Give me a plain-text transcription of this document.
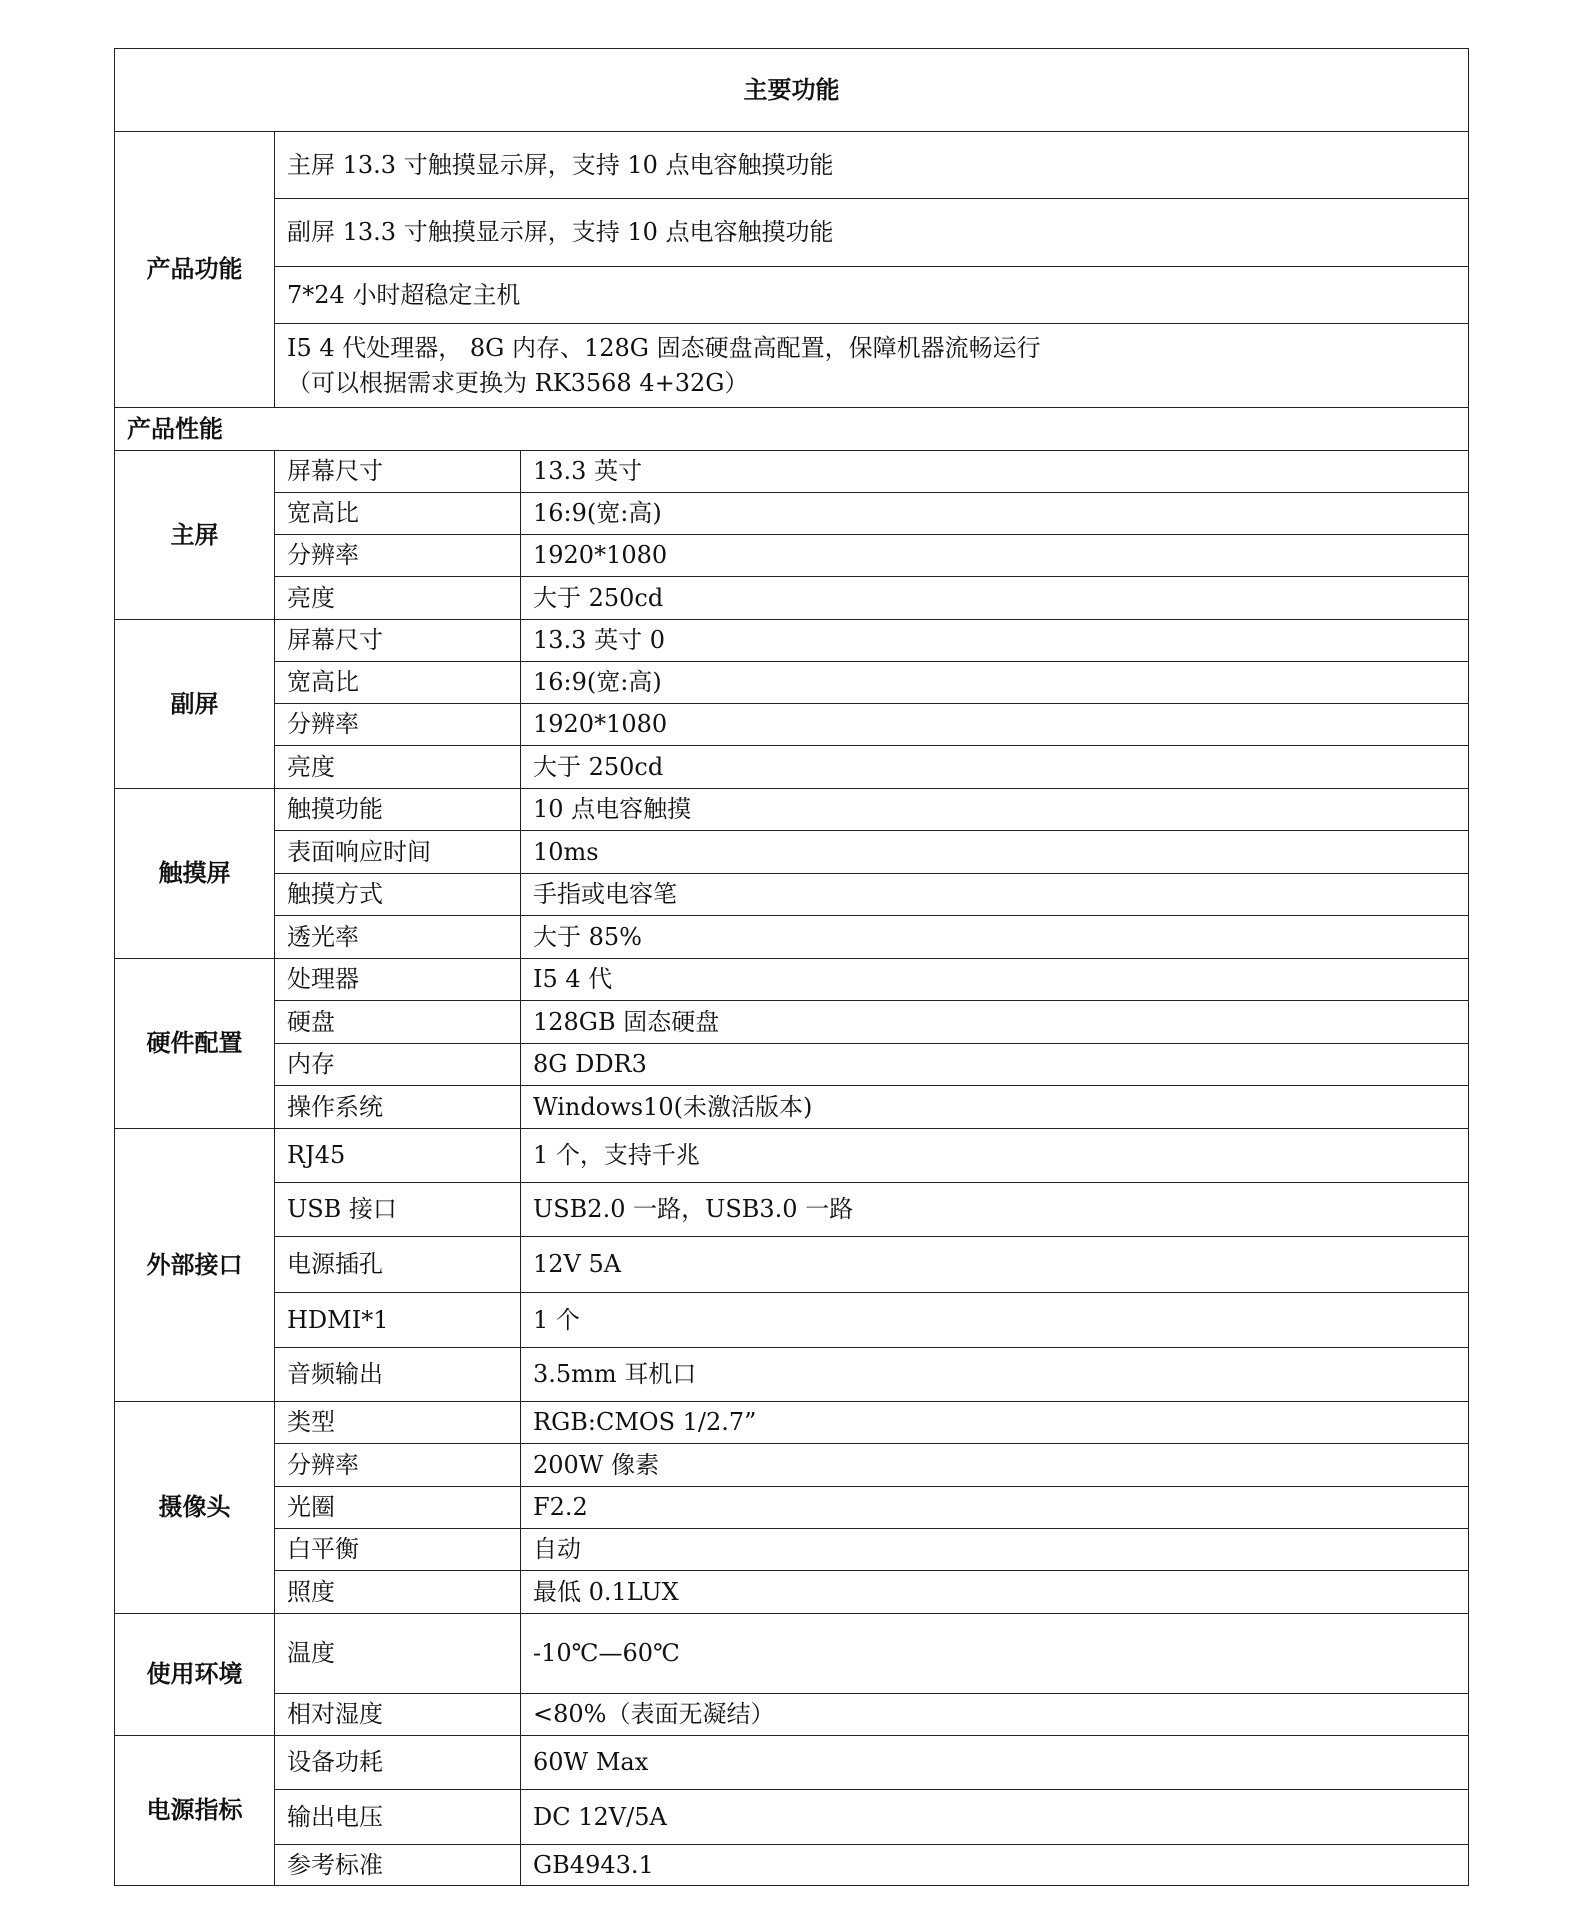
主要功能		
产品功能	主屏 13.3 寸触摸显示屏，支持 10 点电容触摸功能	

	副屏 13.3 寸触摸显示屏，支持 10 点电容触摸功能	

	7*24 小时超稳定主机	

	I5 4 代处理器， 8G 内存、128G 固态硬盘高配置，保障机器流畅运行
（可以根据需求更换为 RK3568 4+32G）	

产品性能		
主屏	屏幕尺寸	13.3 英寸
	宽高比	16:9(宽:高)
	分辨率	1920*1080
	亮度	大于 250cd
副屏	屏幕尺寸	13.3 英寸 0
	宽高比	16:9(宽:高)
	分辨率	1920*1080
	亮度	大于 250cd
触摸屏	触摸功能	10 点电容触摸
	表面响应时间	10ms
	触摸方式	手指或电容笔
	透光率	大于 85%
硬件配置	处理器	I5 4 代
	硬盘	128GB 固态硬盘
	内存	8G DDR3
	操作系统	Windows10(未激活版本)
外部接口	RJ45	1 个，支持千兆
	USB 接口	USB2.0 一路，USB3.0 一路
	电源插孔	12V 5A
	HDMI*1	1 个
	音频输出	3.5mm 耳机口
摄像头	类型	RGB:CMOS 1/2.7”
	分辨率	200W 像素
	光圈	F2.2
	白平衡	自动
	照度	最低 0.1LUX
使用环境	温度	-10℃—60℃
	相对湿度	<80%（表面无凝结）
电源指标	设备功耗	60W Max
	输出电压	DC 12V/5A
	参考标准	GB4943.1
